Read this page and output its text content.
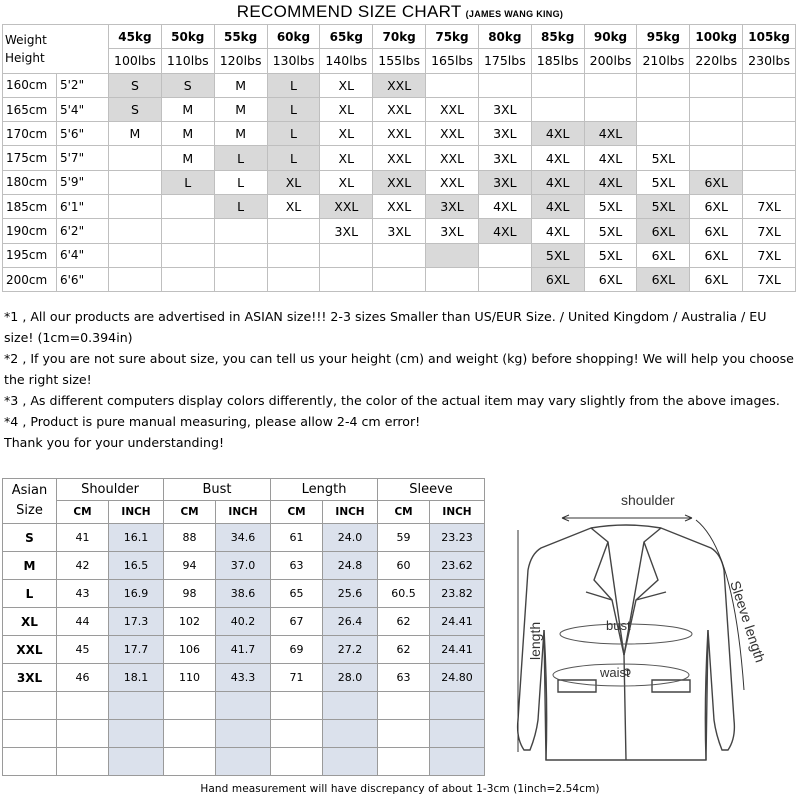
RECOMMEND SIZE CHART (JAMES WANG KING)
Weight
Height		45kg	50kg	55kg	60kg	65kg	70kg	75kg	80kg	85kg	90kg	95kg	100kg	105kg
		100lbs	110lbs	120lbs	130lbs	140lbs	155lbs	165lbs	175lbs	185lbs	200lbs	210lbs	220lbs	230lbs
160cm	5'2"	S	S	M	L	XL	XXL							
165cm	5'4"	S	M	M	L	XL	XXL	XXL	3XL					
170cm	5'6"	M	M	M	L	XL	XXL	XXL	3XL	4XL	4XL			
175cm	5'7"		M	L	L	XL	XXL	XXL	3XL	4XL	4XL	5XL		
180cm	5'9"		L	L	XL	XL	XXL	XXL	3XL	4XL	4XL	5XL	6XL	
185cm	6'1"			L	XL	XXL	XXL	3XL	4XL	4XL	5XL	5XL	6XL	7XL
190cm	6'2"					3XL	3XL	3XL	4XL	4XL	5XL	6XL	6XL	7XL
195cm	6'4"									5XL	5XL	6XL	6XL	7XL
200cm	6'6"									6XL	6XL	6XL	6XL	7XL

*1 , All our products are advertised in ASIAN size!!! 2-3 sizes Smaller than US/EUR Size. / United Kingdom / Australia / EU size! (1cm=0.394in)

*2 , If you are not sure about size, you can tell us your height (cm) and weight (kg) before shopping! We will help you choose the right size!

*3 , As different computers display colors differently, the color of the actual item may vary slightly from the above images.

*4 , Product is pure manual measuring, please allow 2-4 cm error!

Thank you for your understanding!

Asian
Size	Shoulder		Bust		Length		Sleeve	
	CM	INCH	CM	INCH	CM	INCH	CM	INCH
S	41	16.1	88	34.6	61	24.0	59	23.23
M	42	16.5	94	37.0	63	24.8	60	23.62
L	43	16.9	98	38.6	65	25.6	60.5	23.82
XL	44	17.3	102	40.2	67	26.4	62	24.41
XXL	45	17.7	106	41.7	69	27.2	62	24.41
3XL	46	18.1	110	43.3	71	28.0	63	24.80

shoulder
length	Sleeve length
bust
waist
Hand measurement will have discrepancy of about 1-3cm (1inch=2.54cm)
